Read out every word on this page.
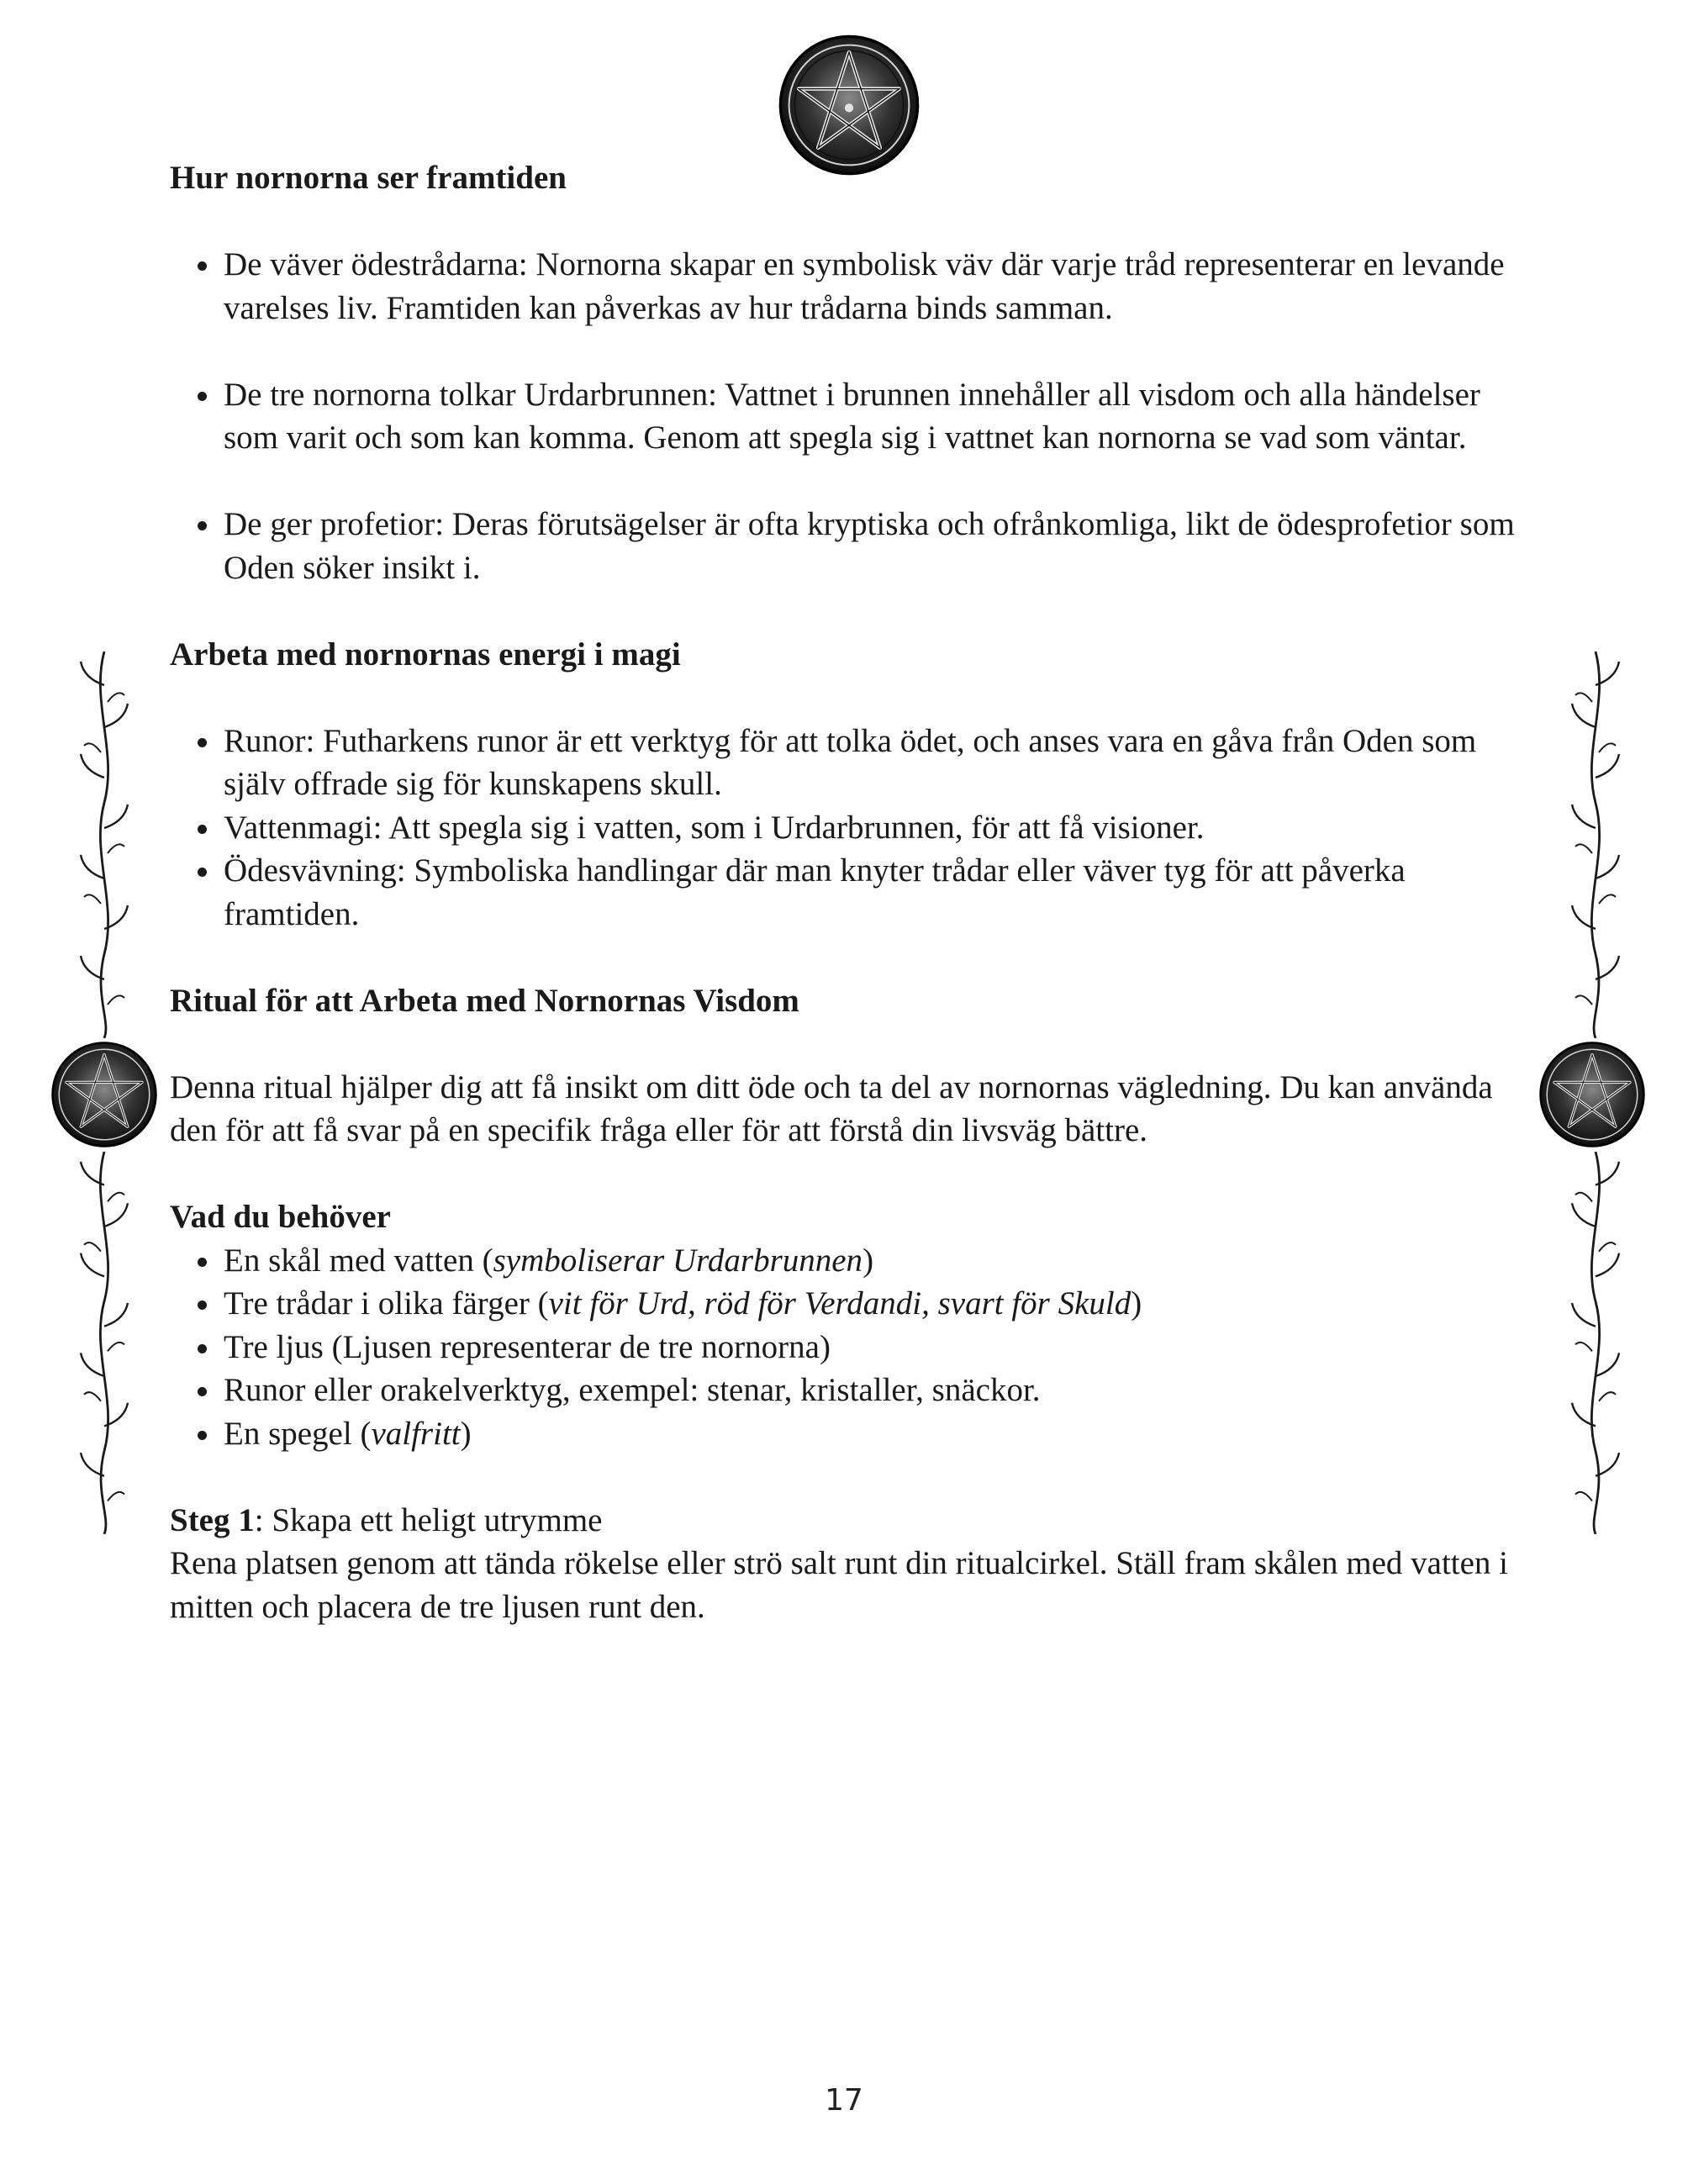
Hur nornorna ser framtiden
• De väver ödestrådarna: Nornorna skapar en symbolisk väv där varje tråd representerar en levande varelses liv. Framtiden kan påverkas av hur trådarna binds samman.
• De tre nornorna tolkar Urdarbrunnen: Vattnet i brunnen innehåller all visdom och alla händelser som varit och som kan komma. Genom att spegla sig i vattnet kan nornorna se vad som väntar.
• De ger profetior: Deras förutsägelser är ofta kryptiska och ofrånkomliga, likt de ödesprofetior som Oden söker insikt i.
Arbeta med nornornas energi i magi
• Runor: Futharkens runor är ett verktyg för att tolka ödet, och anses vara en gåva från Oden som själv offrade sig för kunskapens skull.
• Vattenmagi: Att spegla sig i vatten, som i Urdarbrunnen, för att få visioner.
• Ödesvävning: Symboliska handlingar där man knyter trådar eller väver tyg för att påverka framtiden.
Ritual för att Arbeta med Nornornas Visdom

Denna ritual hjälper dig att få insikt om ditt öde och ta del av nornornas vägledning. Du kan använda den för att få svar på en specifik fråga eller för att förstå din livsväg bättre.

Vad du behöver
• En skål med vatten (symboliserar Urdarbrunnen)
• Tre trådar i olika färger (vit för Urd, röd för Verdandi, svart för Skuld)
• Tre ljus (Ljusen representerar de tre nornorna)
• Runor eller orakelverktyg, exempel: stenar, kristaller, snäckor.
• En spegel (valfritt)

Steg 1: Skapa ett heligt utrymme

Rena platsen genom att tända rökelse eller strö salt runt din ritualcirkel. Ställ fram skålen med vatten i mitten och placera de tre ljusen runt den.

17
